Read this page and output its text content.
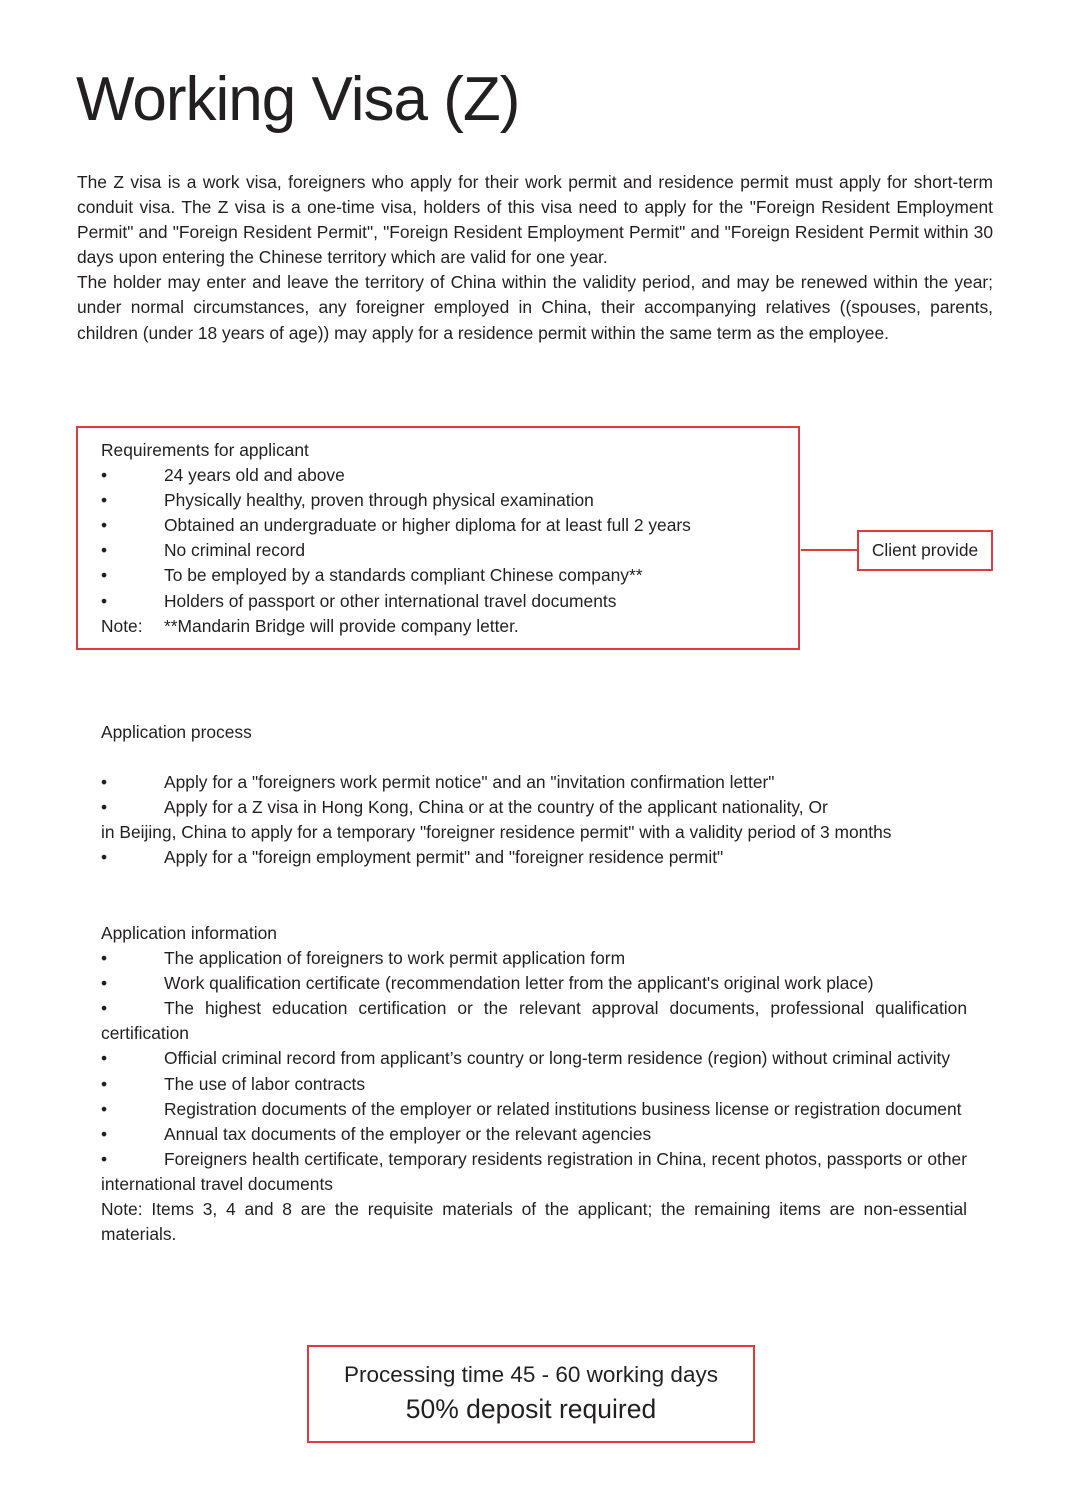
Working Visa (Z)

The Z visa is a work visa, foreigners who apply for their work permit and residence permit must apply for short-term conduit visa. The Z visa is a one-time visa, holders of this visa need to apply for the "Foreign Resident Employment Permit" and "Foreign Resident Permit", "Foreign Resident Employment Permit" and "Foreign Resident Permit within 30 days upon entering the Chinese territory which are valid for one year.

The holder may enter and leave the territory of China within the validity period, and may be renewed within the year; under normal circumstances, any foreigner employed in China, their accompanying relatives ((spouses, parents, children (under 18 years of age)) may apply for a residence permit within the same term as the employee.

Requirements for applicant
•	24 years old and above
•	Physically healthy, proven through physical examination
•	Obtained an undergraduate or higher diploma for at least full 2 years
•	No criminal record
•	To be employed by a standards compliant Chinese company**
•	Holders of passport or other international travel documents
Note: **Mandarin Bridge will provide company letter.
Client provide
Application process

•	Apply for a "foreigners work permit notice" and an "invitation confirmation letter"

•	Apply for a Z visa in Hong Kong, China or at the country of the applicant nationality, Or

in Beijing, China to apply for a temporary "foreigner residence permit" with a validity period of 3 months

•	Apply for a "foreign employment permit" and "foreigner residence permit"

Application information

•	The application of foreigners to work permit application form

•	Work qualification certificate (recommendation letter from the applicant's original work place)

•	The highest education certification or the relevant approval documents, professional qualification certification

•	Official criminal record from applicant’s country or long-term residence (region) without criminal activity

•	The use of labor contracts

•	Registration documents of the employer or related institutions business license or registration document

•	Annual tax documents of the employer or the relevant agencies

•	Foreigners health certificate, temporary residents registration in China, recent photos, passports or other international travel documents

Note: Items 3, 4 and 8 are the requisite materials of the applicant; the remaining items are non-essential materials.

Processing time 45 - 60 working days
50% deposit required
